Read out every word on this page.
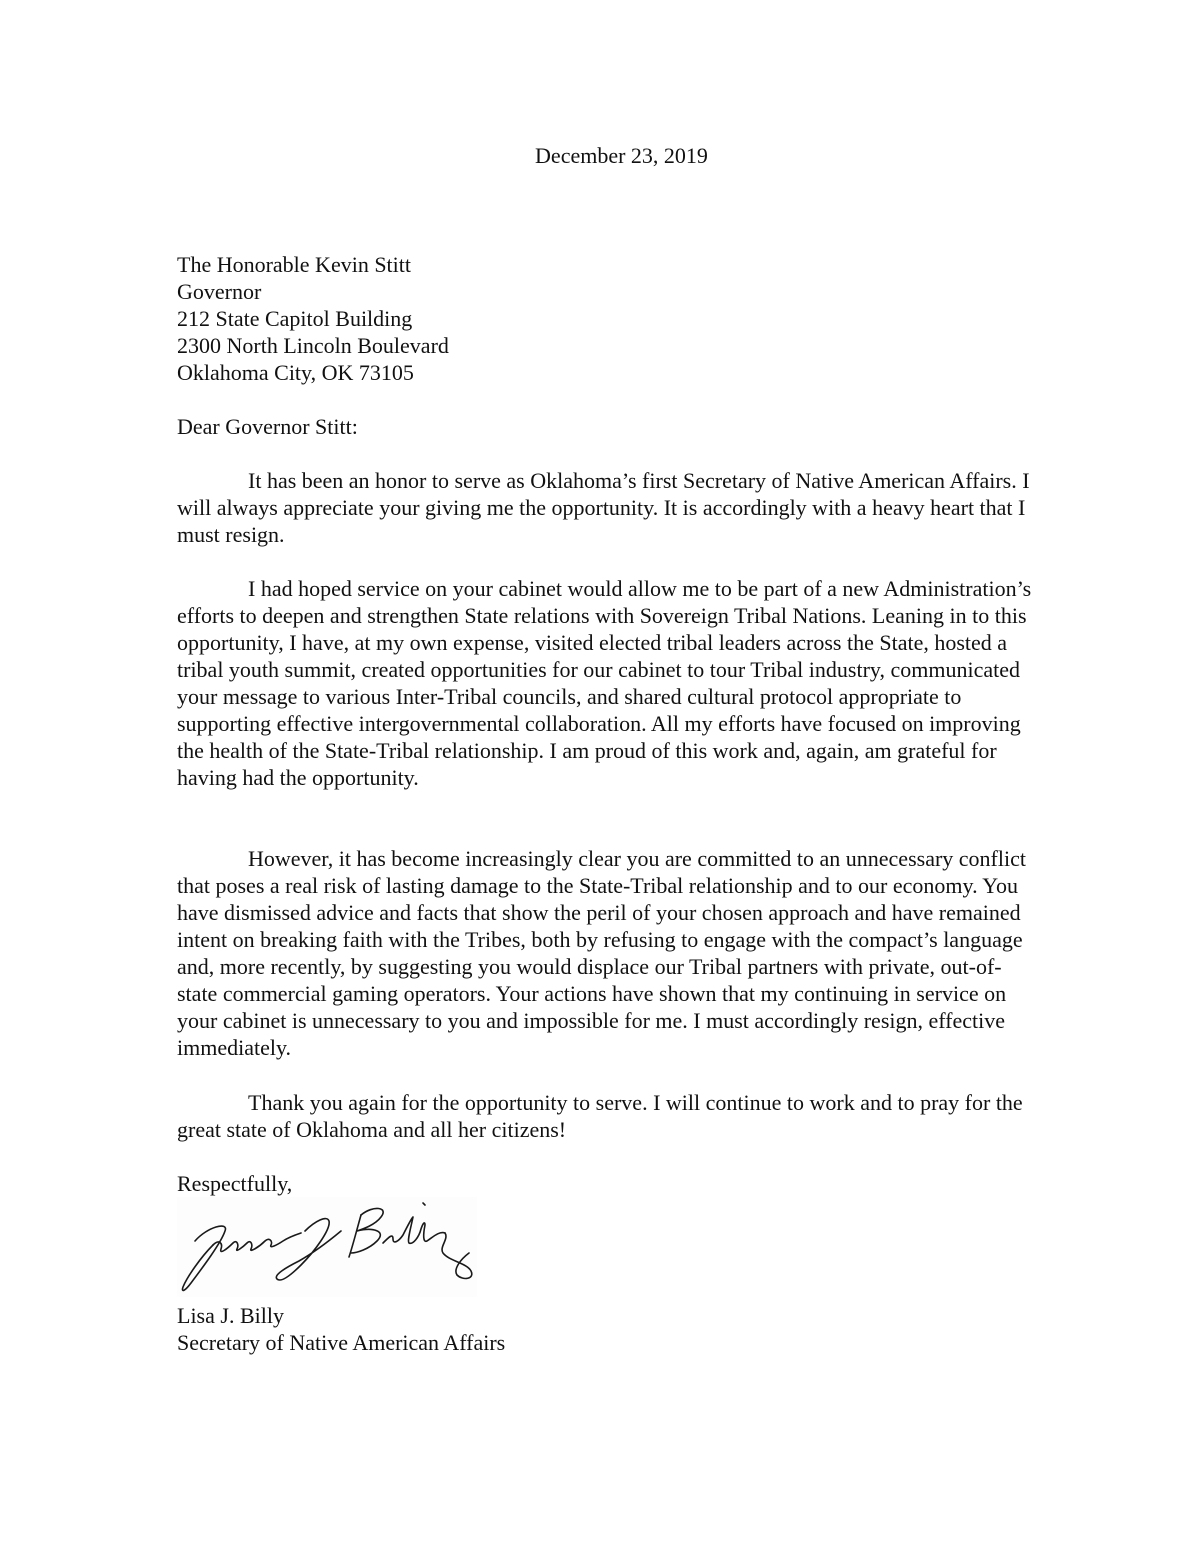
December 23, 2019
The Honorable Kevin Stitt
Governor
212 State Capitol Building
2300 North Lincoln Boulevard
Oklahoma City, OK 73105
Dear Governor Stitt:

It has been an honor to serve as Oklahoma’s first Secretary of Native American Affairs. I will always appreciate your giving me the opportunity. It is accordingly with a heavy heart that I must resign.

I had hoped service on your cabinet would allow me to be part of a new Administration’s efforts to deepen and strengthen State relations with Sovereign Tribal Nations. Leaning in to this opportunity, I have, at my own expense, visited elected tribal leaders across the State, hosted a tribal youth summit, created opportunities for our cabinet to tour Tribal industry, communicated your message to various Inter-Tribal councils, and shared cultural protocol appropriate to supporting effective intergovernmental collaboration. All my efforts have focused on improving the health of the State-Tribal relationship. I am proud of this work and, again, am grateful for having had the opportunity.

However, it has become increasingly clear you are committed to an unnecessary conflict that poses a real risk of lasting damage to the State-Tribal relationship and to our economy. You have dismissed advice and facts that show the peril of your chosen approach and have remained intent on breaking faith with the Tribes, both by refusing to engage with the compact’s language and, more recently, by suggesting you would displace our Tribal partners with private, out-of-state commercial gaming operators. Your actions have shown that my continuing in service on your cabinet is unnecessary to you and impossible for me. I must accordingly resign, effective immediately.

Thank you again for the opportunity to serve. I will continue to work and to pray for the great state of Oklahoma and all her citizens!

Respectfully,
Lisa J. Billy
Secretary of Native American Affairs
